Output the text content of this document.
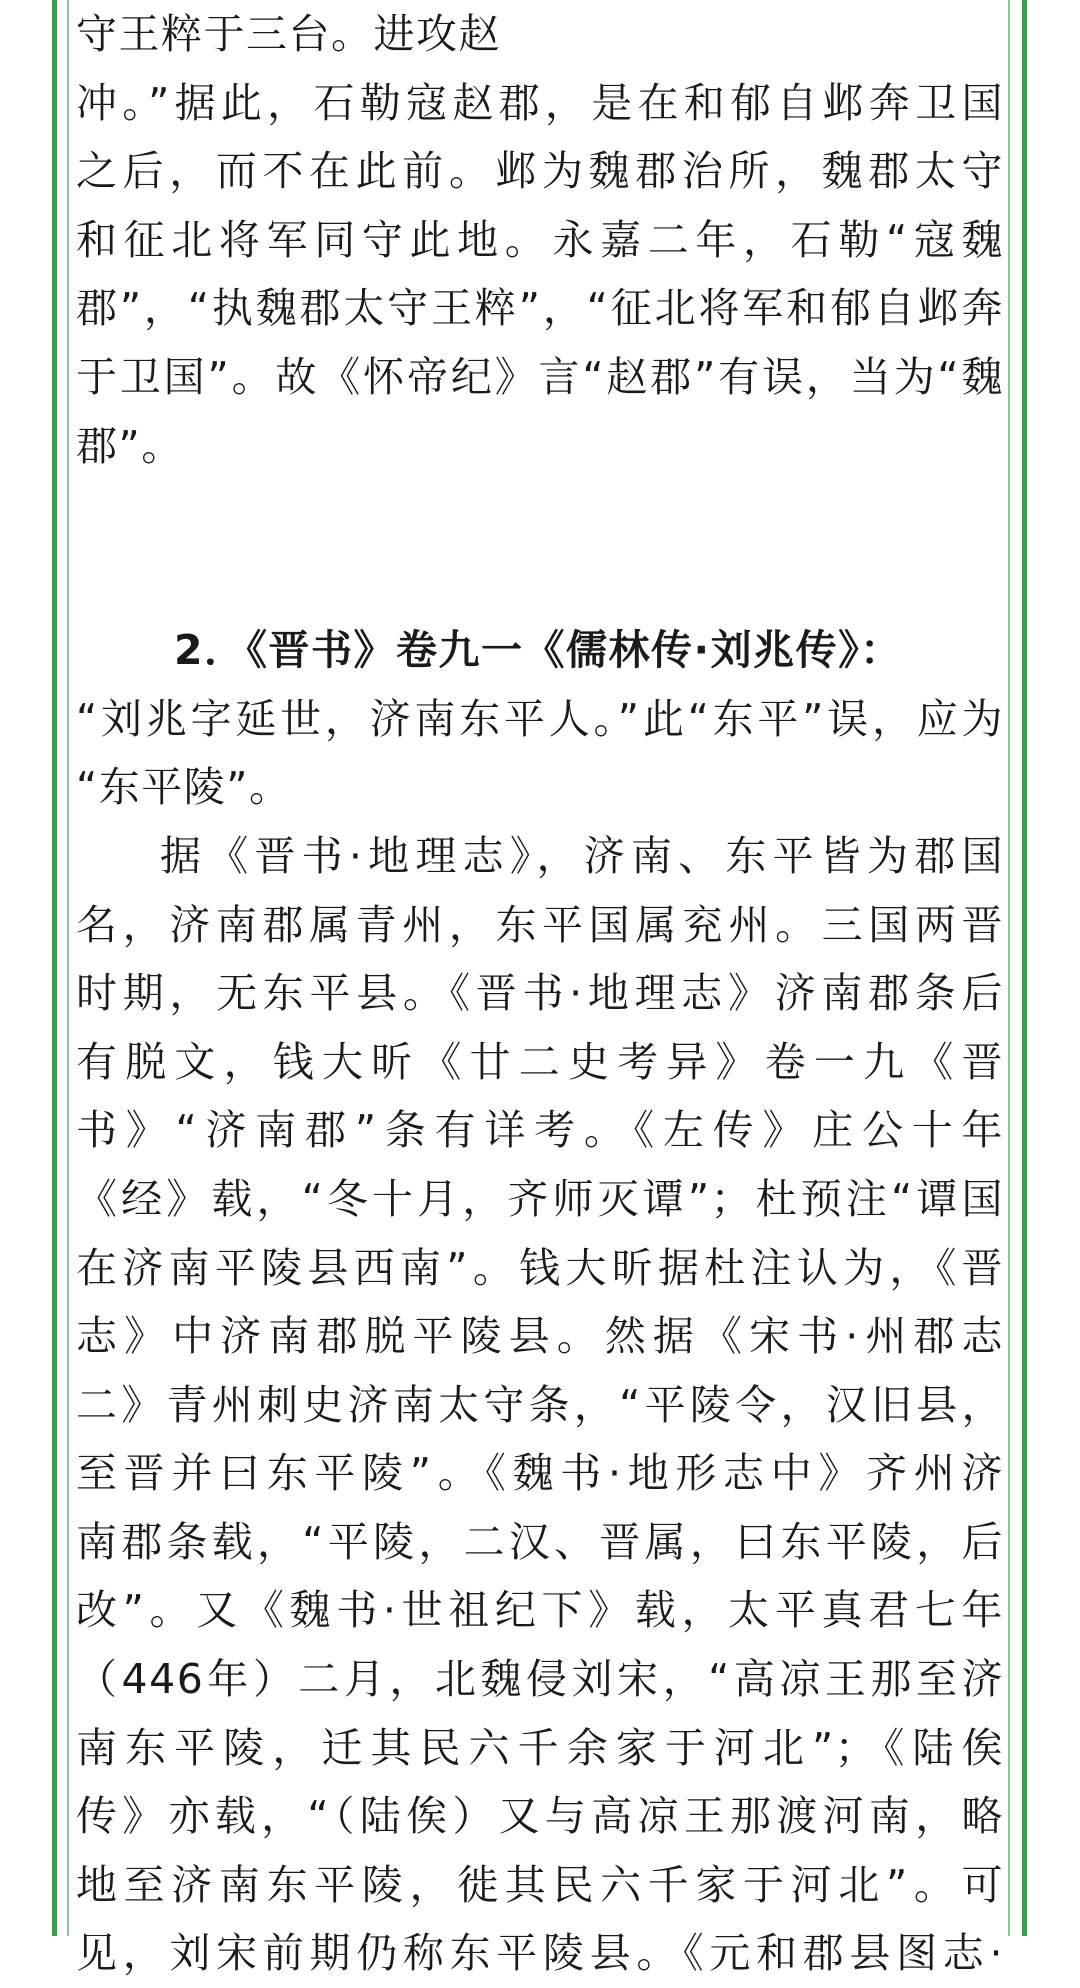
守王粹于三台。进攻赵
冲。”据此，石勒寇赵郡，是在和郁自邺奔卫国
之后，而不在此前。邺为魏郡治所，魏郡太守
和征北将军同守此地。永嘉二年，石勒“寇魏
郡”，“执魏郡太守王粹”，“征北将军和郁自邺奔
于卫国”。故《怀帝纪》言“赵郡”有误，当为“魏
郡”。
2．《晋书》卷九一《儒林传·刘兆传》：
“刘兆字延世，济南东平人。”此“东平”误，应为
“东平陵”。
据《晋书·地理志》，济南、东平皆为郡国
名，济南郡属青州，东平国属兖州。三国两晋
时期，无东平县。《晋书·地理志》济南郡条后
有脱文，钱大昕《廿二史考异》卷一九《晋
书》“济南郡”条有详考。《左传》庄公十年
《经》载，“冬十月，齐师灭谭”；杜预注“谭国
在济南平陵县西南”。钱大昕据杜注认为，《晋
志》中济南郡脱平陵县。然据《宋书·州郡志
二》青州刺史济南太守条，“平陵令，汉旧县，
至晋并曰东平陵”。《魏书·地形志中》齐州济
南郡条载，“平陵，二汉、晋属，曰东平陵，后
改”。又《魏书·世祖纪下》载，太平真君七年
（446年）二月，北魏侵刘宋，“高凉王那至济
南东平陵，迁其民六千余家于河北”；《陆俟
传》亦载，“（陆俟）又与高凉王那渡河南，略
地至济南东平陵，徙其民六千家于河北”。可
见，刘宋前期仍称东平陵县。《元和郡县图志·
